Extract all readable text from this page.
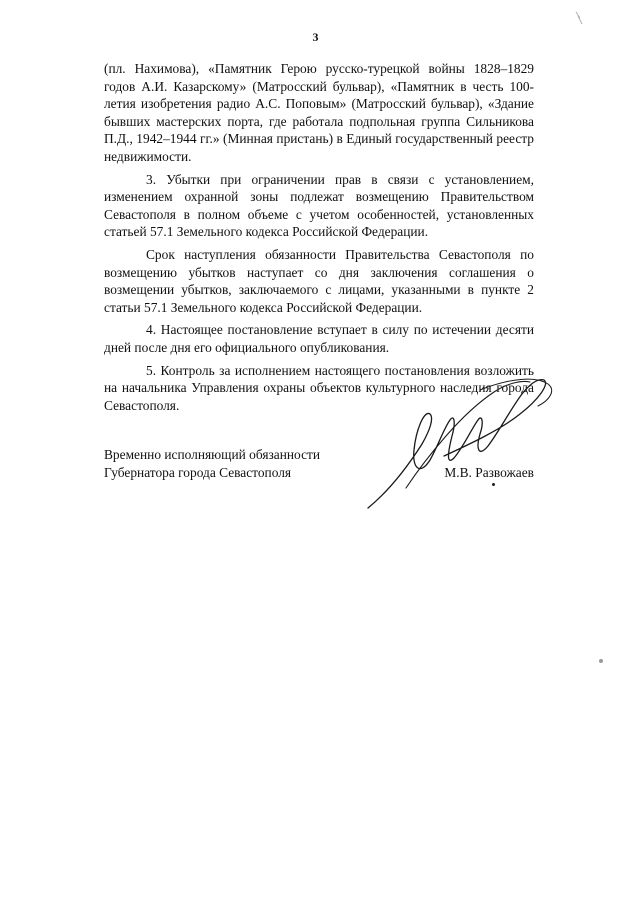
3

(пл. Нахимова), «Памятник Герою русско-турецкой войны 1828–1829 годов А.И. Казарскому» (Матросский бульвар), «Памятник в честь 100-летия изобретения радио А.С. Поповым» (Матросский бульвар), «Здание бывших мастерских порта, где работала подпольная группа Сильникова П.Д., 1942–1944 гг.» (Минная пристань) в Единый государственный реестр недвижимости.

3. Убытки при ограничении прав в связи с установлением, изменением охранной зоны подлежат возмещению Правительством Севастополя в полном объеме с учетом особенностей, установленных статьей 57.1 Земельного кодекса Российской Федерации.

Срок наступления обязанности Правительства Севастополя по возмещению убытков наступает со дня заключения соглашения о возмещении убытков, заключаемого с лицами, указанными в пункте 2 статьи 57.1 Земельного кодекса Российской Федерации.

4. Настоящее постановление вступает в силу по истечении десяти дней после дня его официального опубликования.

5. Контроль за исполнением настоящего постановления возложить на начальника Управления охраны объектов культурного наследия города Севастополя.

Временно исполняющий обязанности
Губернатора города Севастополя	М.В. Развожаев
